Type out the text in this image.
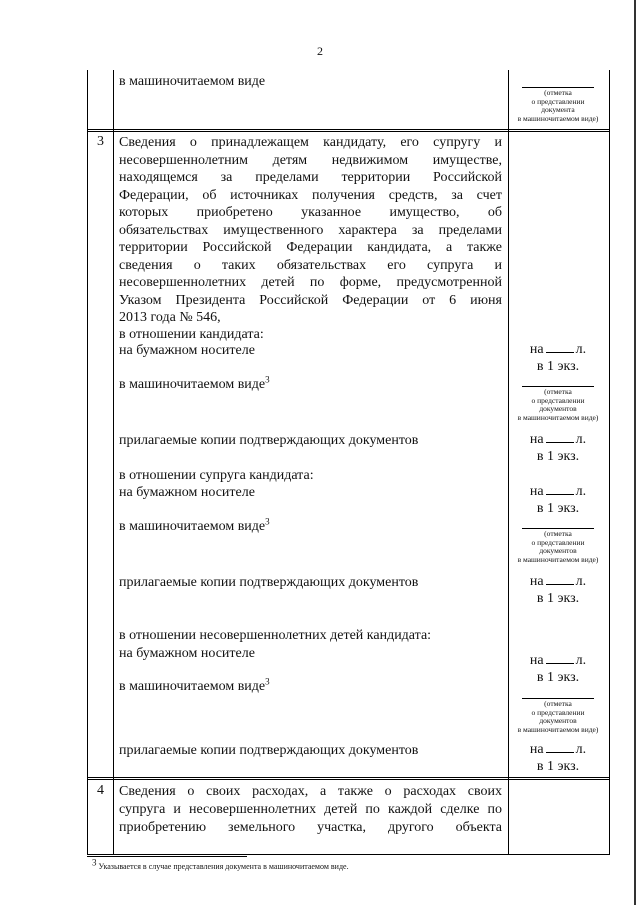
2
в машиночитаемом виде
(отметка
о представлении
документа
в машиночитаемом виде)
3	Сведения о принадлежащем кандидату, его супругу и
несовершеннолетним детям недвижимом имуществе,
находящемся за пределами территории Российской
Федерации, об источниках получения средств, за счет
которых приобретено указанное имущество, об
обязательствах имущественного характера за пределами
территории Российской Федерации кандидата, а также
сведения о таких обязательствах его супруга и
несовершеннолетних детей по форме, предусмотренной
Указом Президента Российской Федерации от 6 июня
2013 года № 546,
в отношении кандидата:
на бумажном носителе	на л.
в 1 экз.
в машиночитаемом виде$^3$
(отметка
о представлении
документов
в машиночитаемом виде)
прилагаемые копии подтверждающих документов	на л.
в 1 экз.
в отношении супруга кандидата:
на бумажном носителе	на л.
в 1 экз.
в машиночитаемом виде$^3$
(отметка
о представлении
документов
в машиночитаемом виде)
прилагаемые копии подтверждающих документов	на л.
в 1 экз.
в отношении несовершеннолетних детей кандидата:
на бумажном носителе	на л.
в 1 экз.
в машиночитаемом виде$^3$
(отметка
о представлении
документов
в машиночитаемом виде)
прилагаемые копии подтверждающих документов	на л.
в 1 экз.
4	Сведения о своих расходах, а также о расходах своих
супруга и несовершеннолетних детей по каждой сделке по
приобретению земельного участка, другого объекта
$^3$ Указывается в случае представления документа в машиночитаемом виде.
